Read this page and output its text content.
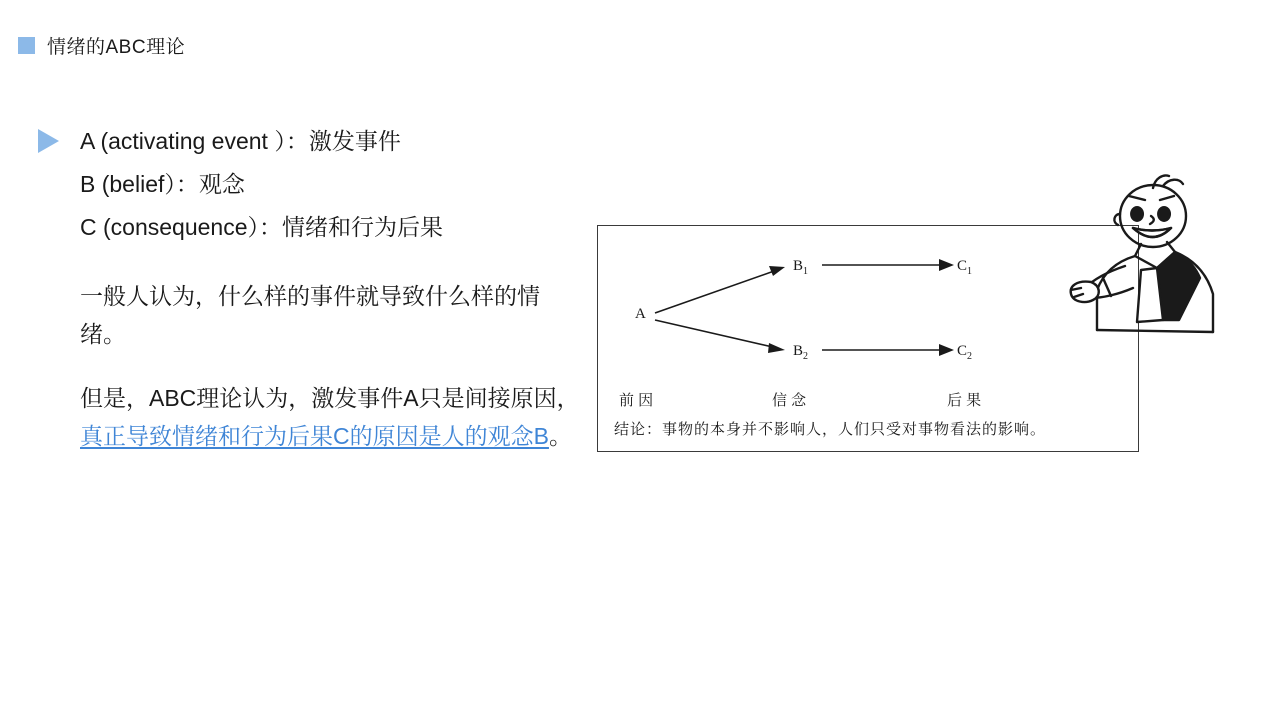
情绪的ABC理论
A (activating event ）：激发事件
B (belief）：观念
C (consequence）：情绪和行为后果
一般人认为，什么样的事件就导致什么样的情绪。
但是，ABC理论认为，激发事件A只是间接原因，真正导致情绪和行为后果C的原因是人的观念B。
A
$B_1$
$B_2$
$C_1$
$C_2$
前 因	信 念	后 果
结论：事物的本身并不影响人，人们只受对事物看法的影响。
